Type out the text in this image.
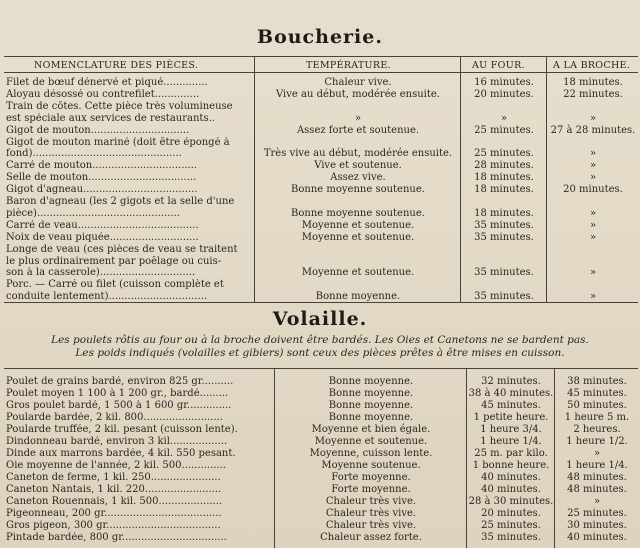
Boucherie.
NOMENCLATURE DES PIÈCES.	TEMPÉRATURE.	AU FOUR.	A LA BROCHE.
Filet de bœuf dénervé et piqué..............	Chaleur vive.	16 minutes.	18 minutes.
Aloyau désossé ou contrefilet..............	Vive au début, modérée ensuite.	20 minutes.	22 minutes.
Train de côtes. Cette pièce très volumineuse
est spéciale aux services de restaurants..	»	»	»
Gigot de mouton...............................	Assez forte et soutenue.	25 minutes.	27 à 28 minutes.
Gigot de mouton mariné (doit être épongé à
fond)...............................................	Très vive au début, modérée ensuite.	25 minutes.	»
Carré de mouton.................................	Vive et soutenue.	28 minutes.	»
Selle de mouton..................................	Assez vive.	18 minutes.	»
Gigot d'agneau....................................	Bonne moyenne soutenue.	18 minutes.	20 minutes.
Baron d'agneau (les 2 gigots et la selle d'une
pièce).............................................	Bonne moyenne soutenue.	18 minutes.	»
Carré de veau......................................	Moyenne et soutenue.	35 minutes.	»
Noix de veau piquée............................	Moyenne et soutenue.	35 minutes.	»
Longe de veau (ces pièces de veau se traitent
le plus ordinairement par poêlage ou cuis-
son à la casserole)..............................	Moyenne et soutenue.	35 minutes.	»
Porc. — Carré ou filet (cuisson complète et
conduite lentement)...............................	Bonne moyenne.	35 minutes.	»
Volaille.
Les poulets rôtis au four ou à la broche doivent être bardés. Les Oies et Canetons ne se bardent pas.
Les poids indiqués (volailles et gibiers) sont ceux des pièces prêtes à être mises en cuisson.
Poulet de grains bardé, environ 825 gr..........	Bonne moyenne.	32 minutes.	38 minutes.
Poulet moyen 1 100 à 1 200 gr., bardé.........	Bonne moyenne.	38 à 40 minutes.	45 minutes.
Gros poulet bardé, 1 500 à 1 600 gr..............	Bonne moyenne.	45 minutes.	50 minutes.
Poularde bardée, 2 kil. 800.........................	Bonne moyenne.	1 petite heure.	1 heure 5 m.
Poularde truffée, 2 kil. pesant (cuisson lente).	Moyenne et bien égale.	1 heure 3/4.	2 heures.
Dindonneau bardé, environ 3 kil..................	Moyenne et soutenue.	1 heure 1/4.	1 heure 1/2.
Dinde aux marrons bardée, 4 kil. 550 pesant.	Moyenne, cuisson lente.	25 m. par kilo.	»
Oie moyenne de l'année, 2 kil. 500..............	Moyenne soutenue.	1 bonne heure.	1 heure 1/4.
Caneton de ferme, 1 kil. 250......................	Forte moyenne.	40 minutes.	48 minutes.
Caneton Nantais, 1 kil. 220........................	Forte moyenne.	40 minutes.	48 minutes.
Caneton Rouennais, 1 kil. 500....................	Chaleur très vive.	28 à 30 minutes.	»
Pigeonneau, 200 gr.....................................	Chaleur très vive.	20 minutes.	25 minutes.
Gros pigeon, 300 gr....................................	Chaleur très vive.	25 minutes.	30 minutes.
Pintade bardée, 800 gr.................................	Chaleur assez forte.	35 minutes.	40 minutes.
